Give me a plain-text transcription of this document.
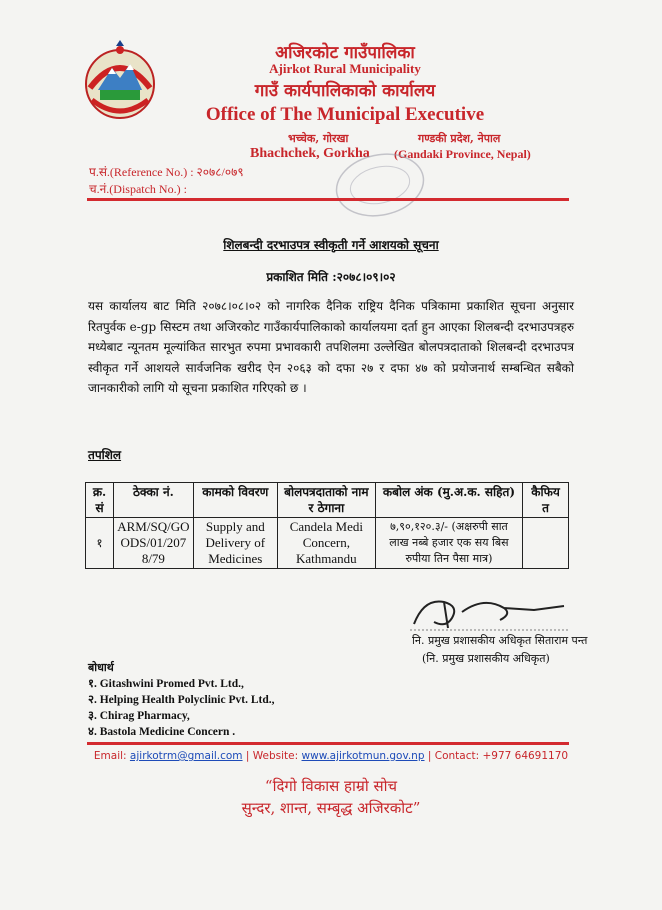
अजिरकोट गाउँपालिका
Ajirkot Rural Municipality
गाउँ कार्यपालिकाको कार्यालय
Office of The Municipal Executive
भच्चेक, गोरखा	गण्डकी प्रदेश, नेपाल
Bhachchek, Gorkha (Gandaki Province, Nepal)
प.सं.(Reference No.) : २०७८/०७९
च.नं.(Dispatch No.) :
शिलबन्दी दरभाउपत्र स्वीकृती गर्ने आशयको सूचना
प्रकाशित मिति :२०७८।०९।०२
यस कार्यालय बाट मिति २०७८।०८।०२ को नागरिक दैनिक राष्ट्रिय दैनिक पत्रिकामा प्रकाशित सूचना अनुसार रितपुर्वक e-gp सिस्टम तथा अजिरकोट गाउँकार्यपालिकाको कार्यालयमा दर्ता हुन आएका शिलबन्दी दरभाउपत्रहरु मध्येबाट न्यूनतम मूल्यांकित सारभुत रुपमा प्रभावकारी तपशिलमा उल्लेखित बोलपत्रदाताको शिलबन्दी दरभाउपत्र स्वीकृत गर्ने आशयले सार्वजनिक खरीद ऐन २०६३ को दफा २७ र दफा ४७ को प्रयोजनार्थ सम्बन्धित सबैको जानकारीको लागि यो सूचना प्रकाशित गरिएको छ ।
तपशिल
क्र. सं	ठेक्का नं.	कामको विवरण	बोलपत्रदाताको नाम र ठेगाना	कबोल अंक (मु.अ.क. सहित)	कैफिय त
१	ARM/SQ/GOODS/01/2078/79	Supply and Delivery of Medicines	Candela Medi Concern, Kathmandu	७,९०,१२०.३/- (अक्षरुपी सात लाख नब्बे हजार एक सय बिस रुपीया तिन पैसा मात्र)	
नि. प्रमुख प्रशासकीय अधिकृत सिताराम पन्त
(नि. प्रमुख प्रशासकीय अधिकृत)
बोधार्थ
१. Gitashwini Promed Pvt. Ltd.,
२. Helping Health Polyclinic Pvt. Ltd.,
३. Chirag Pharmacy,
४. Bastola Medicine Concern .
Email: ajirkotrm@gmail.com | Website: www.ajirkotmun.gov.np | Contact: +977 64691170
“दिगो विकास हाम्रो सोच
सुन्दर, शान्त, सम्बृद्ध अजिरकोट”
